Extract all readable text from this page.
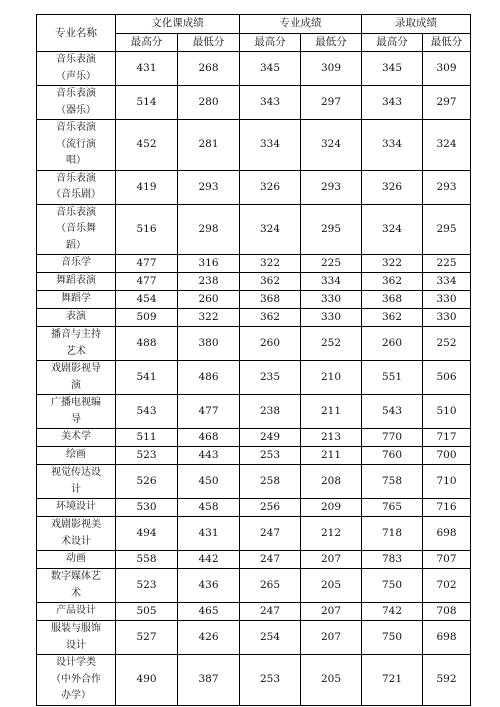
专业名称	文化课成绩		专业成绩		录取成绩	
	最高分	最低分	最高分	最低分	最高分	最低分

音乐表演
（声乐）	431	268	345	309	345	309

音乐表演
（器乐）	514	280	343	297	343	297

音乐表演
（流行演
唱）	452	281	334	324	334	324

音乐表演
（音乐剧）	419	293	326	293	326	293

音乐表演
（音乐舞
蹈）	516	298	324	295	324	295

音乐学	477	316	322	225	322	225

舞蹈表演	477	238	362	334	362	334

舞蹈学	454	260	368	330	368	330

表演	509	322	362	330	362	330

播音与主持
艺术	488	380	260	252	260	252

戏剧影视导
演	541	486	235	210	551	506

广播电视编
导	543	477	238	211	543	510

美术学	511	468	249	213	770	717

绘画	523	443	253	211	760	700

视觉传达设
计	526	450	258	208	758	710

环境设计	530	458	256	209	765	716

戏剧影视美
术设计	494	431	247	212	718	698

动画	558	442	247	207	783	707

数字媒体艺
术	523	436	265	205	750	702

产品设计	505	465	247	207	742	708

服装与服饰
设计	527	426	254	207	750	698

设计学类
（中外合作
办学）	490	387	253	205	721	592
